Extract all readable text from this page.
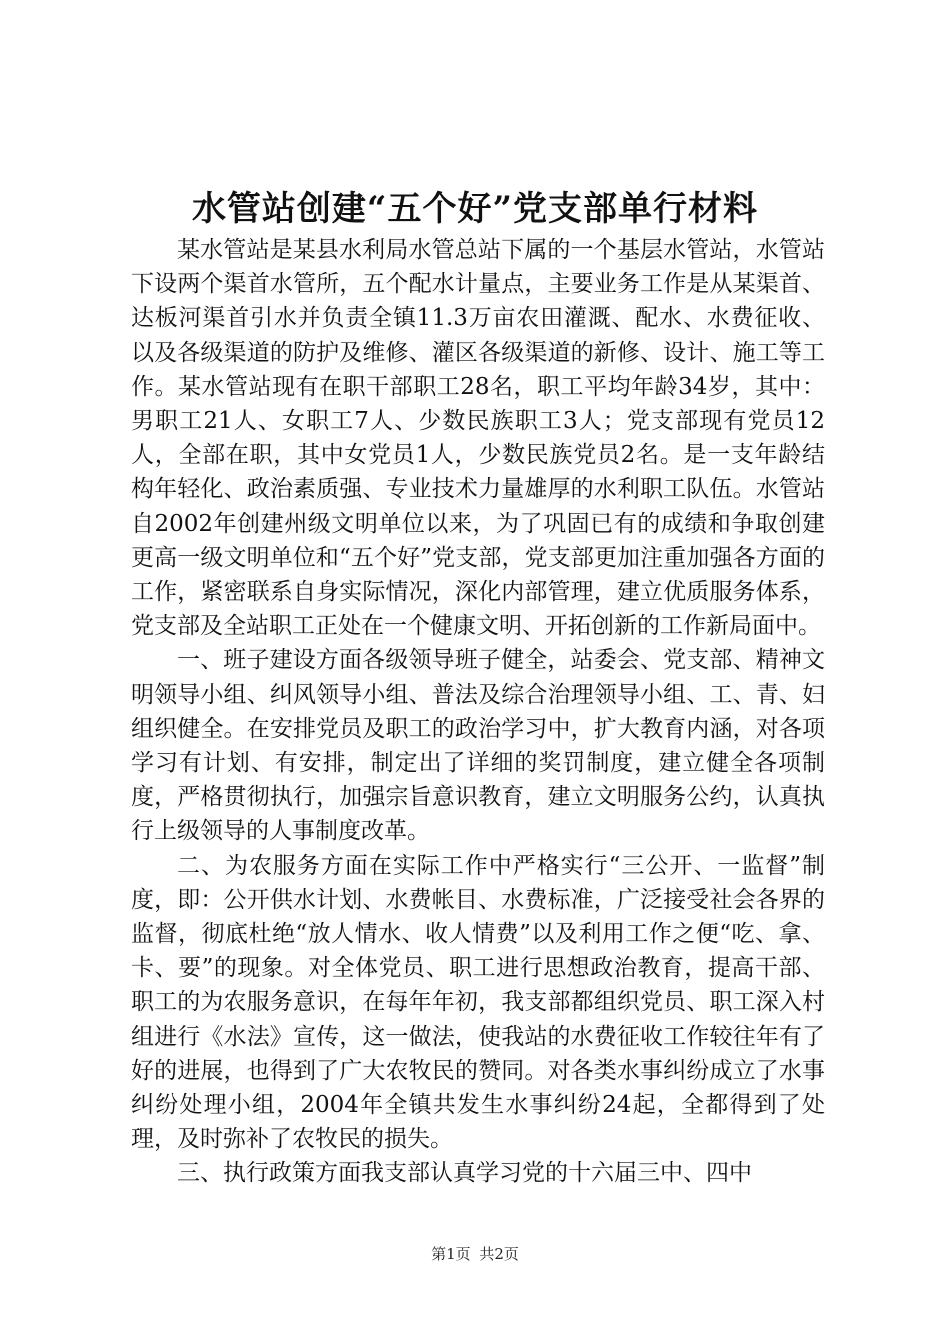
水管站创建“五个好”党支部单行材料

某水管站是某县水利局水管总站下属的一个基层水管站，水管站下设两个渠首水管所，五个配水计量点，主要业务工作是从某渠首、达板河渠首引水并负责全镇11.3万亩农田灌溉、配水、水费征收、以及各级渠道的防护及维修、灌区各级渠道的新修、设计、施工等工作。某水管站现有在职干部职工28名，职工平均年龄34岁，其中：男职工21人、女职工7人、少数民族职工3人；党支部现有党员12人，全部在职，其中女党员1人，少数民族党员2名。是一支年龄结构年轻化、政治素质强、专业技术力量雄厚的水利职工队伍。水管站自2002年创建州级文明单位以来，为了巩固已有的成绩和争取创建更高一级文明单位和“五个好”党支部，党支部更加注重加强各方面的工作，紧密联系自身实际情况，深化内部管理，建立优质服务体系，党支部及全站职工正处在一个健康文明、开拓创新的工作新局面中。

一、班子建设方面各级领导班子健全，站委会、党支部、精神文明领导小组、纠风领导小组、普法及综合治理领导小组、工、青、妇组织健全。在安排党员及职工的政治学习中，扩大教育内涵，对各项学习有计划、有安排，制定出了详细的奖罚制度，建立健全各项制度，严格贯彻执行，加强宗旨意识教育，建立文明服务公约，认真执行上级领导的人事制度改革。

二、为农服务方面在实际工作中严格实行“三公开、一监督”制度，即：公开供水计划、水费帐目、水费标准，广泛接受社会各界的监督，彻底杜绝“放人情水、收人情费”以及利用工作之便“吃、拿、卡、要”的现象。对全体党员、职工进行思想政治教育，提高干部、职工的为农服务意识，在每年年初，我支部都组织党员、职工深入村组进行《水法》宣传，这一做法，使我站的水费征收工作较往年有了好的进展，也得到了广大农牧民的赞同。对各类水事纠纷成立了水事纠纷处理小组，2004年全镇共发生水事纠纷24起，全都得到了处理，及时弥补了农牧民的损失。

三、执行政策方面我支部认真学习党的十六届三中、四中

第1页 共2页
